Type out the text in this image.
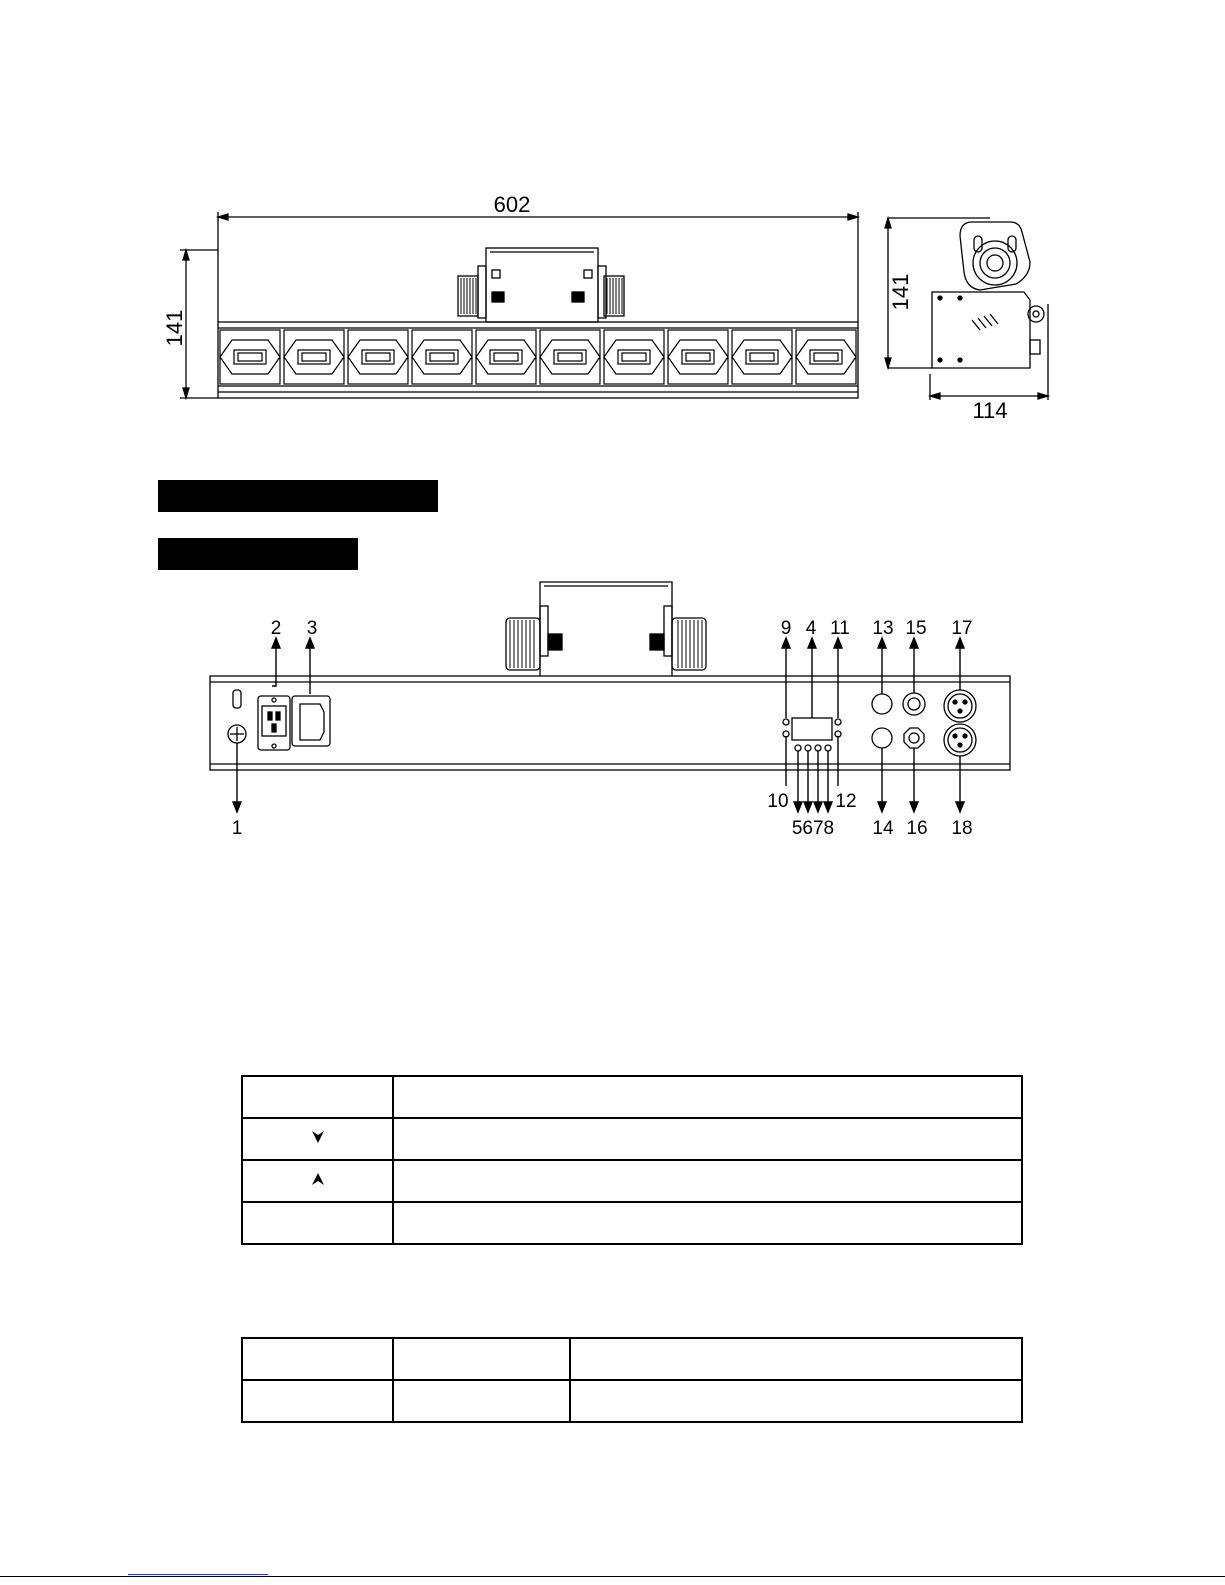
602
141
141
114
2 3	9 4 11 13 15 17
1
10
5678
12
14 16 18
